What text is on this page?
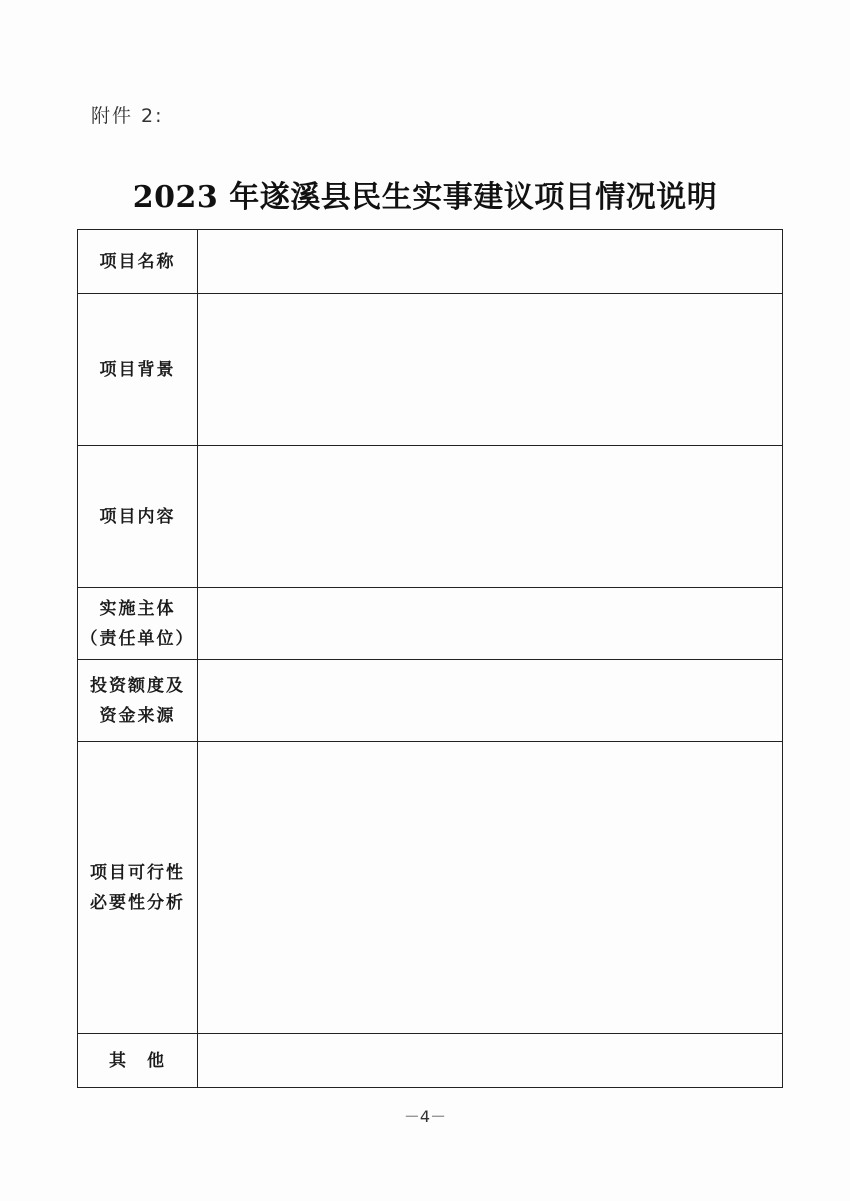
附件 2:
2023 年遂溪县民生实事建议项目情况说明
项目名称	

项目背景	

项目内容	

实施主体
（责任单位）	

投资额度及
资金来源	

项目可行性
必要性分析	

其　他	

－4－
